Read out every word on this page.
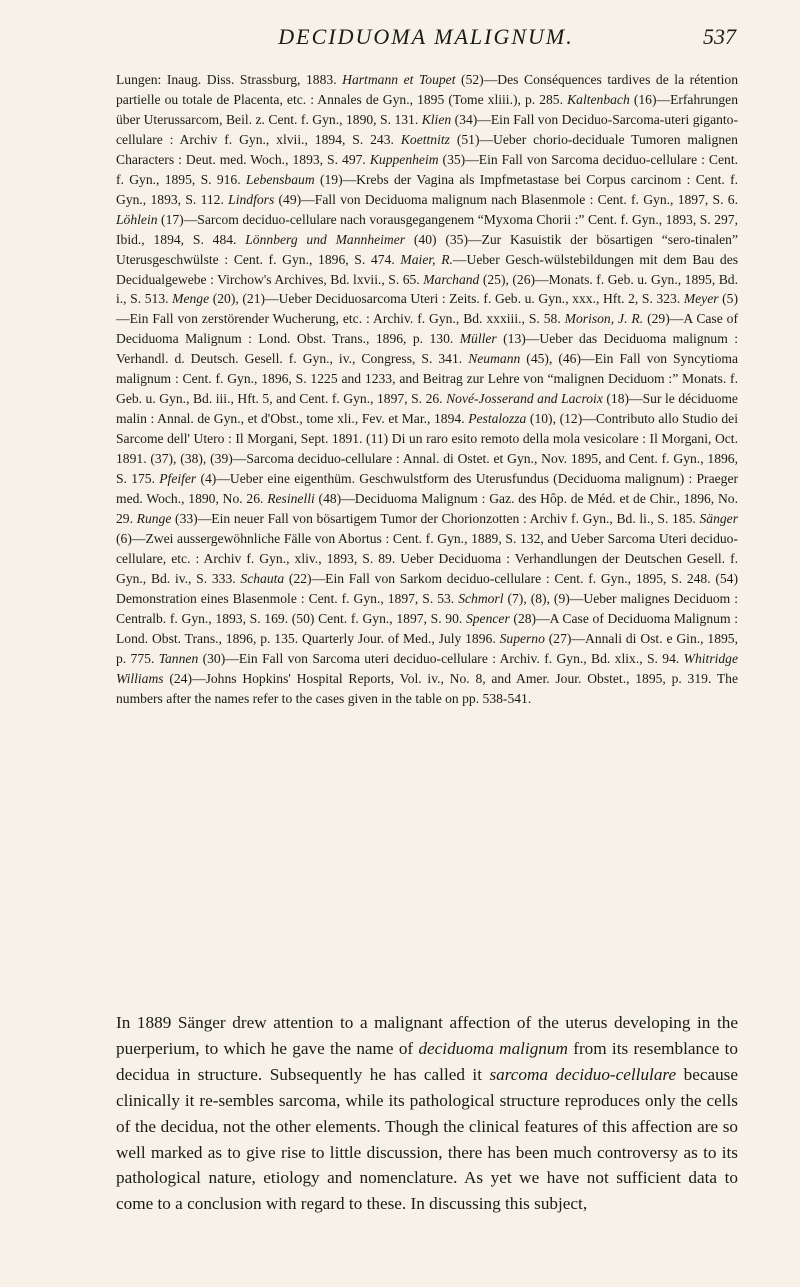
DECIDUOMA MALIGNUM.	537
Lungen: Inaug. Diss. Strassburg, 1883. Hartmann et Toupet (52)—Des Conséquences tardives de la rétention partielle ou totale de Placenta, etc. : Annales de Gyn., 1895 (Tome xliii.), p. 285. Kaltenbach (16)—Erfahrungen über Uterussarcom, Beil. z. Cent. f. Gyn., 1890, S. 131. Klien (34)—Ein Fall von Deciduo-Sarcoma-uteri giganto-cellulare : Archiv f. Gyn., xlvii., 1894, S. 243. Koettnitz (51)—Ueber chorio-deciduale Tumoren malignen Characters : Deut. med. Woch., 1893, S. 497. Kuppenheim (35)—Ein Fall von Sarcoma deciduo-cellulare : Cent. f. Gyn., 1895, S. 916. Lebensbaum (19)—Krebs der Vagina als Impfmetastase bei Corpus carcinom : Cent. f. Gyn., 1893, S. 112. Lindfors (49)—Fall von Deciduoma malignum nach Blasenmole : Cent. f. Gyn., 1897, S. 6. Löhlein (17)—Sarcom deciduo-cellulare nach vorausgegangenem “Myxoma Chorii :” Cent. f. Gyn., 1893, S. 297, Ibid., 1894, S. 484. Lönnberg und Mannheimer (40) (35)—Zur Kasuistik der bösartigen “sero-tinalen” Uterusgeschwülste : Cent. f. Gyn., 1896, S. 474. Maier, R.—Ueber Gesch-wülstebildungen mit dem Bau des Decidualgewebe : Virchow's Archives, Bd. lxvii., S. 65. Marchand (25), (26)—Monats. f. Geb. u. Gyn., 1895, Bd. i., S. 513. Menge (20), (21)—Ueber Deciduosarcoma Uteri : Zeits. f. Geb. u. Gyn., xxx., Hft. 2, S. 323. Meyer (5)—Ein Fall von zerstörender Wucherung, etc. : Archiv. f. Gyn., Bd. xxxiii., S. 58. Morison, J. R. (29)—A Case of Deciduoma Malignum : Lond. Obst. Trans., 1896, p. 130. Müller (13)—Ueber das Deciduoma malignum : Verhandl. d. Deutsch. Gesell. f. Gyn., iv., Congress, S. 341. Neumann (45), (46)—Ein Fall von Syncytioma malignum : Cent. f. Gyn., 1896, S. 1225 and 1233, and Beitrag zur Lehre von “malignen Deciduom :” Monats. f. Geb. u. Gyn., Bd. iii., Hft. 5, and Cent. f. Gyn., 1897, S. 26. Nové-Josserand and Lacroix (18)—Sur le déciduome malin : Annal. de Gyn., et d'Obst., tome xli., Fev. et Mar., 1894. Pestalozza (10), (12)—Contributo allo Studio dei Sarcome dell' Utero : Il Morgani, Sept. 1891. (11) Di un raro esito remoto della mola vesicolare : Il Morgani, Oct. 1891. (37), (38), (39)—Sarcoma deciduo-cellulare : Annal. di Ostet. et Gyn., Nov. 1895, and Cent. f. Gyn., 1896, S. 175. Pfeifer (4)—Ueber eine eigenthüm. Geschwulstform des Uterusfundus (Deciduoma malignum) : Praeger med. Woch., 1890, No. 26. Resinelli (48)—Deciduoma Malignum : Gaz. des Hôp. de Méd. et de Chir., 1896, No. 29. Runge (33)—Ein neuer Fall von bösartigem Tumor der Chorionzotten : Archiv f. Gyn., Bd. li., S. 185. Sänger (6)—Zwei aussergewöhnliche Fälle von Abortus : Cent. f. Gyn., 1889, S. 132, and Ueber Sarcoma Uteri deciduo-cellulare, etc. : Archiv f. Gyn., xliv., 1893, S. 89. Ueber Deciduoma : Verhandlungen der Deutschen Gesell. f. Gyn., Bd. iv., S. 333. Schauta (22)—Ein Fall von Sarkom deciduo-cellulare : Cent. f. Gyn., 1895, S. 248. (54) Demonstration eines Blasenmole : Cent. f. Gyn., 1897, S. 53. Schmorl (7), (8), (9)—Ueber malignes Deciduom : Centralb. f. Gyn., 1893, S. 169. (50) Cent. f. Gyn., 1897, S. 90. Spencer (28)—A Case of Deciduoma Malignum : Lond. Obst. Trans., 1896, p. 135. Quarterly Jour. of Med., July 1896. Superno (27)—Annali di Ost. e Gin., 1895, p. 775. Tannen (30)—Ein Fall von Sarcoma uteri deciduo-cellulare : Archiv. f. Gyn., Bd. xlix., S. 94. Whitridge Williams (24)—Johns Hopkins' Hospital Reports, Vol. iv., No. 8, and Amer. Jour. Obstet., 1895, p. 319. The numbers after the names refer to the cases given in the table on pp. 538-541.
In 1889 Sänger drew attention to a malignant affection of the uterus developing in the puerperium, to which he gave the name of deciduoma malignum from its resemblance to decidua in structure. Subsequently he has called it sarcoma deciduo-cellulare because clinically it re-sembles sarcoma, while its pathological structure reproduces only the cells of the decidua, not the other elements. Though the clinical features of this affection are so well marked as to give rise to little discussion, there has been much controversy as to its pathological nature, etiology and nomenclature. As yet we have not sufficient data to come to a conclusion with regard to these. In discussing this subject,
